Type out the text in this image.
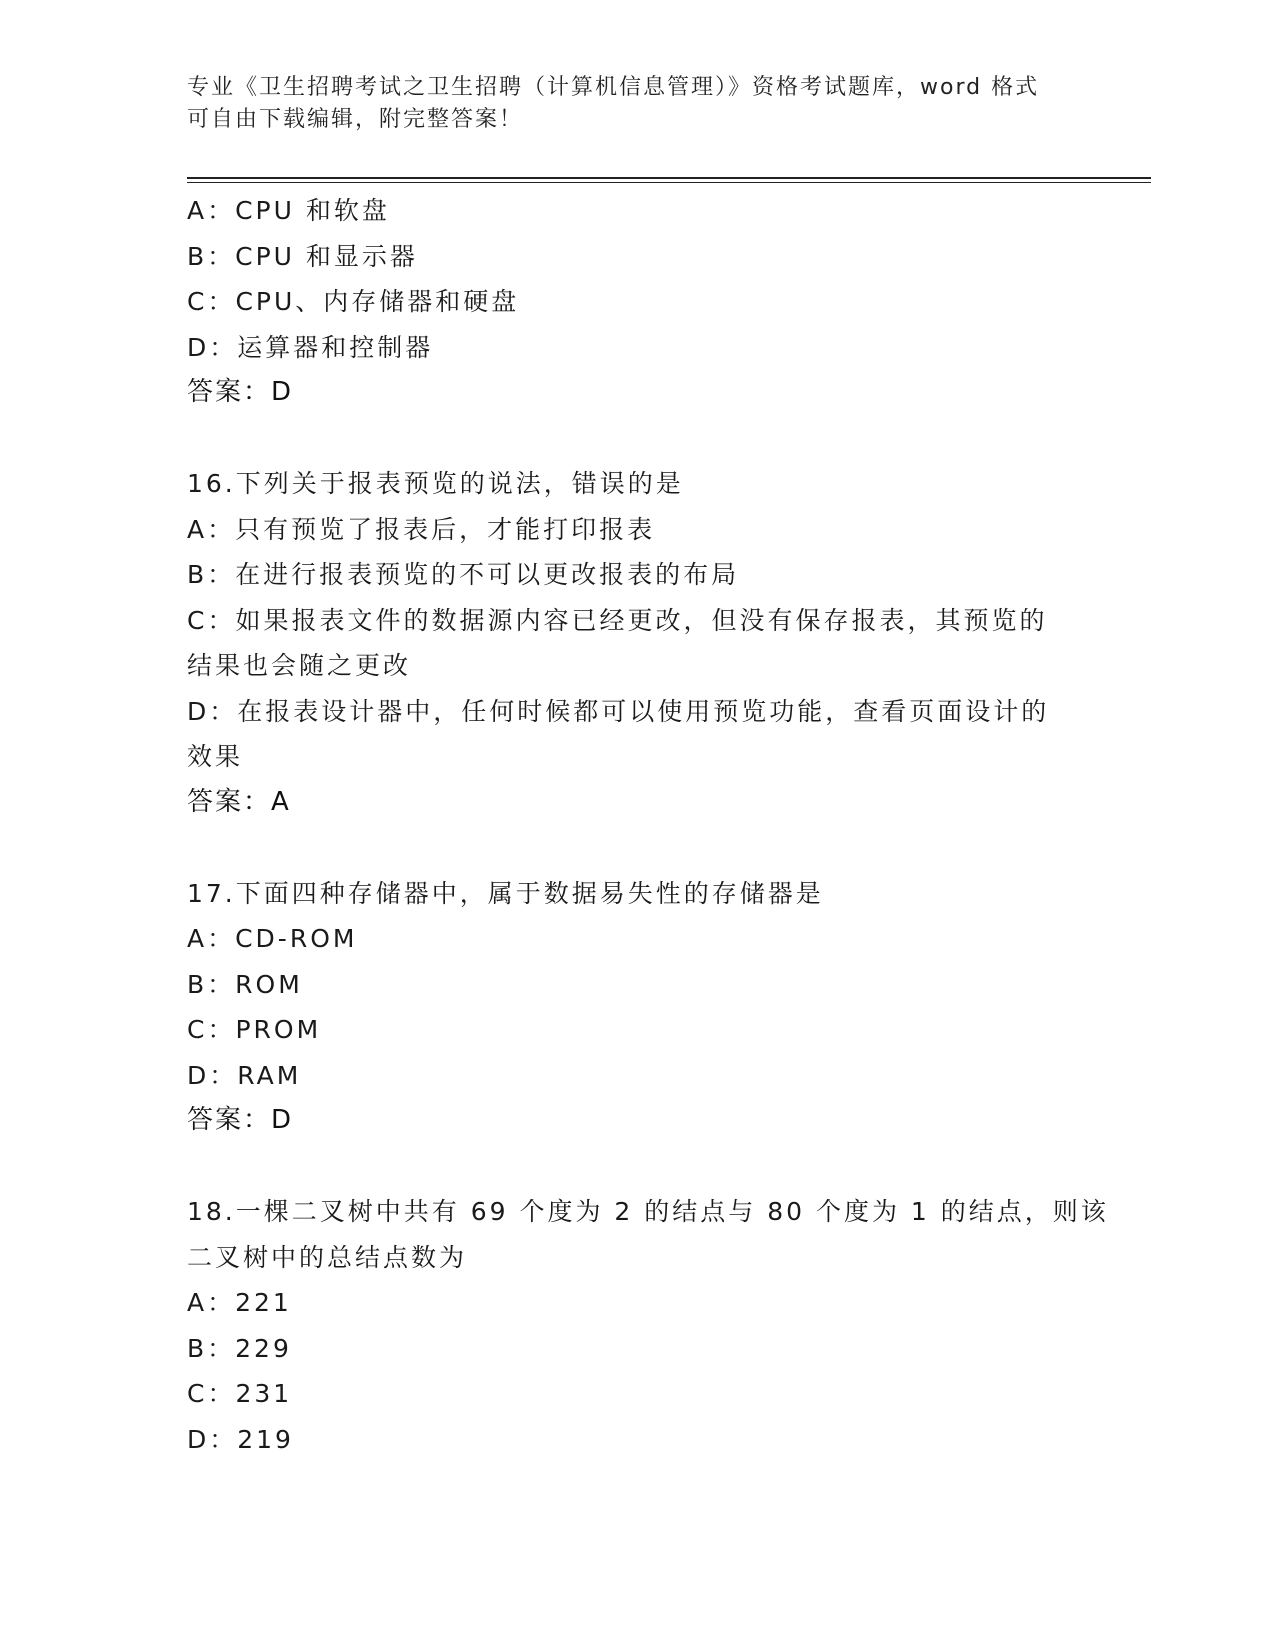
专业《卫生招聘考试之卫生招聘（计算机信息管理）》资格考试题库，word 格式
可自由下载编辑，附完整答案！
A：CPU 和软盘
B：CPU 和显示器
C：CPU、内存储器和硬盘
D：运算器和控制器
答案：D
16.下列关于报表预览的说法，错误的是
A：只有预览了报表后，才能打印报表
B：在进行报表预览的不可以更改报表的布局
C：如果报表文件的数据源内容已经更改，但没有保存报表，其预览的
结果也会随之更改
D：在报表设计器中，任何时候都可以使用预览功能，查看页面设计的
效果
答案：A
17.下面四种存储器中，属于数据易失性的存储器是
A：CD-ROM
B：ROM
C：PROM
D：RAM
答案：D
18.一棵二叉树中共有 69 个度为 2 的结点与 80 个度为 1 的结点，则该
二叉树中的总结点数为
A：221
B：229
C：231
D：219
